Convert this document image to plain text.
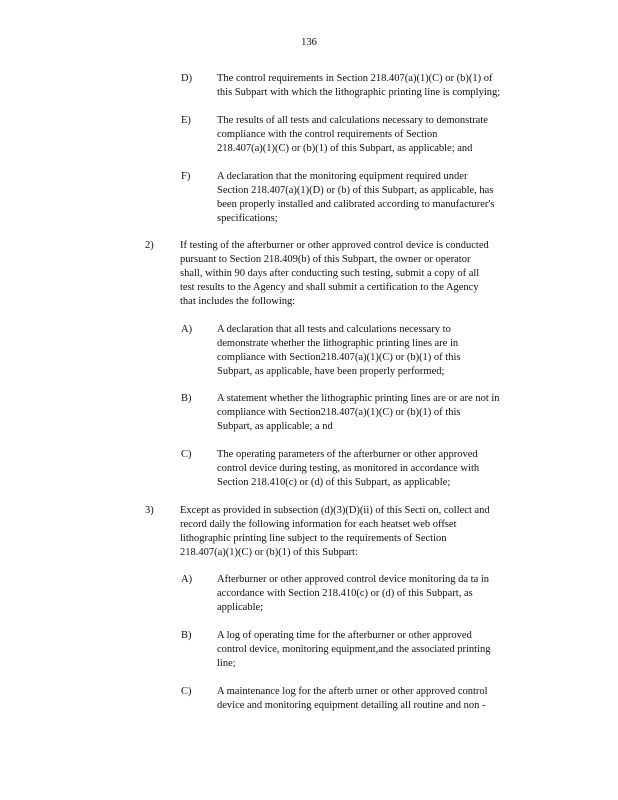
136
D) The control requirements in Section 218.407(a)(1)(C) or (b)(1) of
this Subpart with which the lithographic printing line is complying;
E) The results of all tests and calculations necessary to demonstrate
compliance with the control requirements of Section
218.407(a)(1)(C) or (b)(1) of this Subpart, as applicable; and
F)	A declaration that the monitoring equipment required under
Section 218.407(a)(1)(D) or (b) of this Subpart, as applicable, has
been properly installed and calibrated according to manufacturer's
specifications;
2)	If testing of the afterburner or other approved control device is conducted
pursuant to Section 218.409(b) of this Subpart, the owner or operator
shall, within 90 days after conducting such testing, submit a copy of all
test results to the Agency and shall submit a certification to the Agency
that includes the following:
A) A declaration that all tests and calculations necessary to
demonstrate whether the lithographic printing lines are in
compliance with Section218.407(a)(1)(C) or (b)(1) of this
Subpart, as applicable, have been properly performed;
B) A statement whether the lithographic printing lines are or are not in
compliance with Section218.407(a)(1)(C) or (b)(1) of this
Subpart, as applicable; a nd
C) The operating parameters of the afterburner or other approved
control device during testing, as monitored in accordance with
Section 218.410(c) or (d) of this Subpart, as applicable;
3)	Except as provided in subsection (d)(3)(D)(ii) of this Secti on, collect and
record daily the following information for each heatset web offset
lithographic printing line subject to the requirements of Section
218.407(a)(1)(C) or (b)(1) of this Subpart:
A) Afterburner or other approved control device monitoring da ta in
accordance with Section 218.410(c) or (d) of this Subpart, as
applicable;
B) A log of operating time for the afterburner or other approved
control device, monitoring equipment,and the associated printing
line;
C) A maintenance log for the afterb urner or other approved control
device and monitoring equipment detailing all routine and non -
